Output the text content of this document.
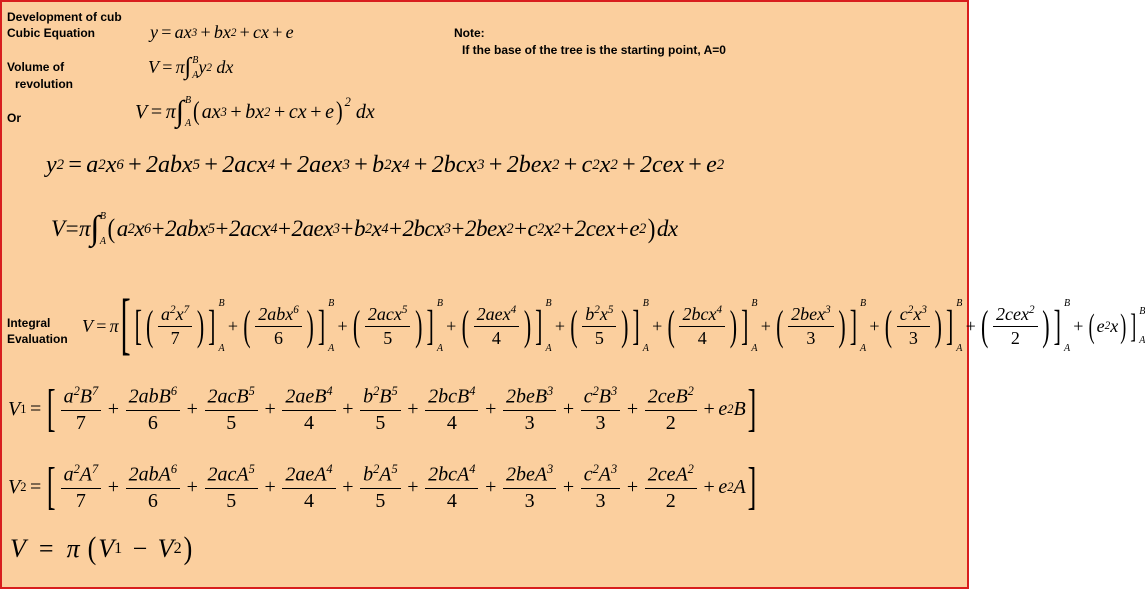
Development of cub
Cubic Equation
Volume of
revolution
Or
Note:
If the base of the tree is the starting point, A=0
Integral
Evaluation
y = ax 3 + bx 2 + cx + e
V = π ∫ B
A y 2 dx
V = π ∫ B
A ( ax 3 + bx 2 + cx + e )$^2$ dx
y 2 = a 2 x 6 + 2abx 5 + 2acx 4 + 2aex 3 + b 2 x 4 + 2bcx 3 + 2bex 2 + c 2 x 2 + 2cex + e 2
V = π ∫ B
A ( a 2 x 6 + 2abx 5 + 2acx 4 + 2aex 3 + b 2 x 4 + 2bcx 3 + 2bex 2 + c 2 x 2 + 2cex + e 2 ) dx
V = π [ [ ( $\frac{a^2x^7}{7}$ ) ] B
A
+ ( $\frac{2abx^6}{6}$ ) ] B
A
+ ( $\frac{2acx^5}{5}$ ) ] B
A
+ ( $\frac{2aex^4}{4}$ ) ] B
A
+ ( $\frac{b^2x^5}{5}$ ) ] B
A
+ ( $\frac{2bcx^4}{4}$ ) ] B
A
+ ( $\frac{2bex^3}{3}$ ) ] B
A
+ ( $\frac{c^2x^3}{3}$ ) ] B
A
+ ( $\frac{2cex^2}{2}$ ) ] B
A
+ ( e 2 x ) ] B
A
V 1 = [ $\frac{a^2B^7}{7} + \frac{2abB^6}{6} + \frac{2acB^5}{5} + \frac{2aeB^4}{4} + \frac{b^2B^5}{5} + \frac{2bcB^4}{4} + \frac{2beB^3}{3} + \frac{c^2B^3}{3} + \frac{2ceB^2}{2} + e$ 2 B ]
V 2 = [ $\frac{a^2A^7}{7} + \frac{2abA^6}{6} + \frac{2acA^5}{5} + \frac{2aeA^4}{4} + \frac{b^2A^5}{5} + \frac{2bcA^4}{4} + \frac{2beA^3}{3} + \frac{c^2A^3}{3} + \frac{2ceA^2}{2} + e$ 2 A ]
V = π ( V 1 − V 2 )
